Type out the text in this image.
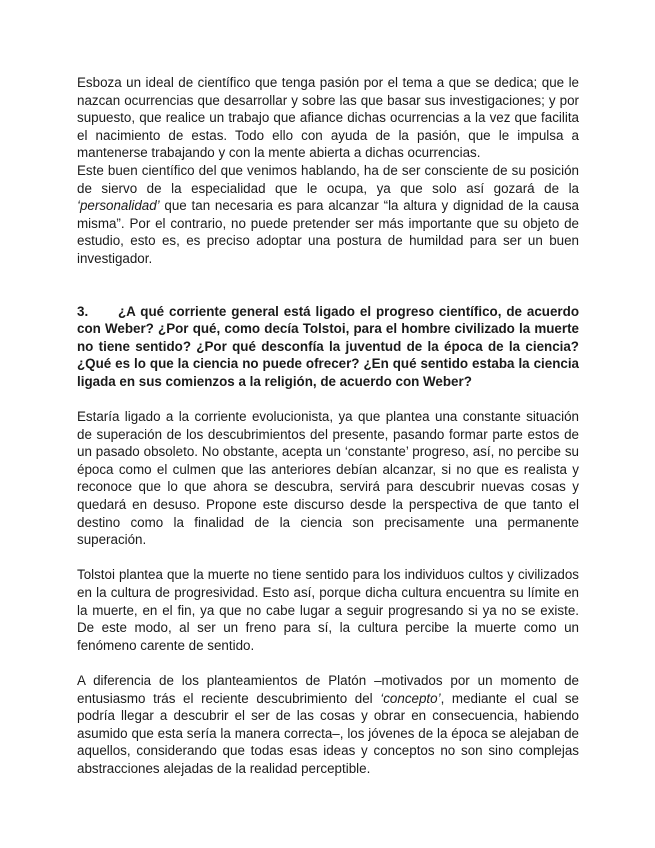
Esboza un ideal de científico que tenga pasión por el tema a que se dedica; que le nazcan ocurrencias que desarrollar y sobre las que basar sus investigaciones; y por supuesto, que realice un trabajo que afiance dichas ocurrencias a la vez que facilita el nacimiento de estas. Todo ello con ayuda de la pasión, que le impulsa a mantenerse trabajando y con la mente abierta a dichas ocurrencias.

Este buen científico del que venimos hablando, ha de ser consciente de su posición de siervo de la especialidad que le ocupa, ya que solo así gozará de la ‘personalidad’ que tan necesaria es para alcanzar “la altura y dignidad de la causa misma”. Por el contrario, no puede pretender ser más importante que su objeto de estudio, esto es, es preciso adoptar una postura de humildad para ser un buen investigador.

3. ¿A qué corriente general está ligado el progreso científico, de acuerdo con Weber? ¿Por qué, como decía Tolstoi, para el hombre civilizado la muerte no tiene sentido? ¿Por qué desconfía la juventud de la época de la ciencia? ¿Qué es lo que la ciencia no puede ofrecer? ¿En qué sentido estaba la ciencia ligada en sus comienzos a la religión, de acuerdo con Weber?

Estaría ligado a la corriente evolucionista, ya que plantea una constante situación de superación de los descubrimientos del presente, pasando formar parte estos de un pasado obsoleto. No obstante, acepta un ‘constante’ progreso, así, no percibe su época como el culmen que las anteriores debían alcanzar, si no que es realista y reconoce que lo que ahora se descubra, servirá para descubrir nuevas cosas y quedará en desuso. Propone este discurso desde la perspectiva de que tanto el destino como la finalidad de la ciencia son precisamente una permanente superación.

Tolstoi plantea que la muerte no tiene sentido para los individuos cultos y civilizados en la cultura de progresividad. Esto así, porque dicha cultura encuentra su límite en la muerte, en el fin, ya que no cabe lugar a seguir progresando si ya no se existe. De este modo, al ser un freno para sí, la cultura percibe la muerte como un fenómeno carente de sentido.

A diferencia de los planteamientos de Platón –motivados por un momento de entusiasmo trás el reciente descubrimiento del ‘concepto’, mediante el cual se podría llegar a descubrir el ser de las cosas y obrar en consecuencia, habiendo asumido que esta sería la manera correcta–, los jóvenes de la época se alejaban de aquellos, considerando que todas esas ideas y conceptos no son sino complejas abstracciones alejadas de la realidad perceptible.
